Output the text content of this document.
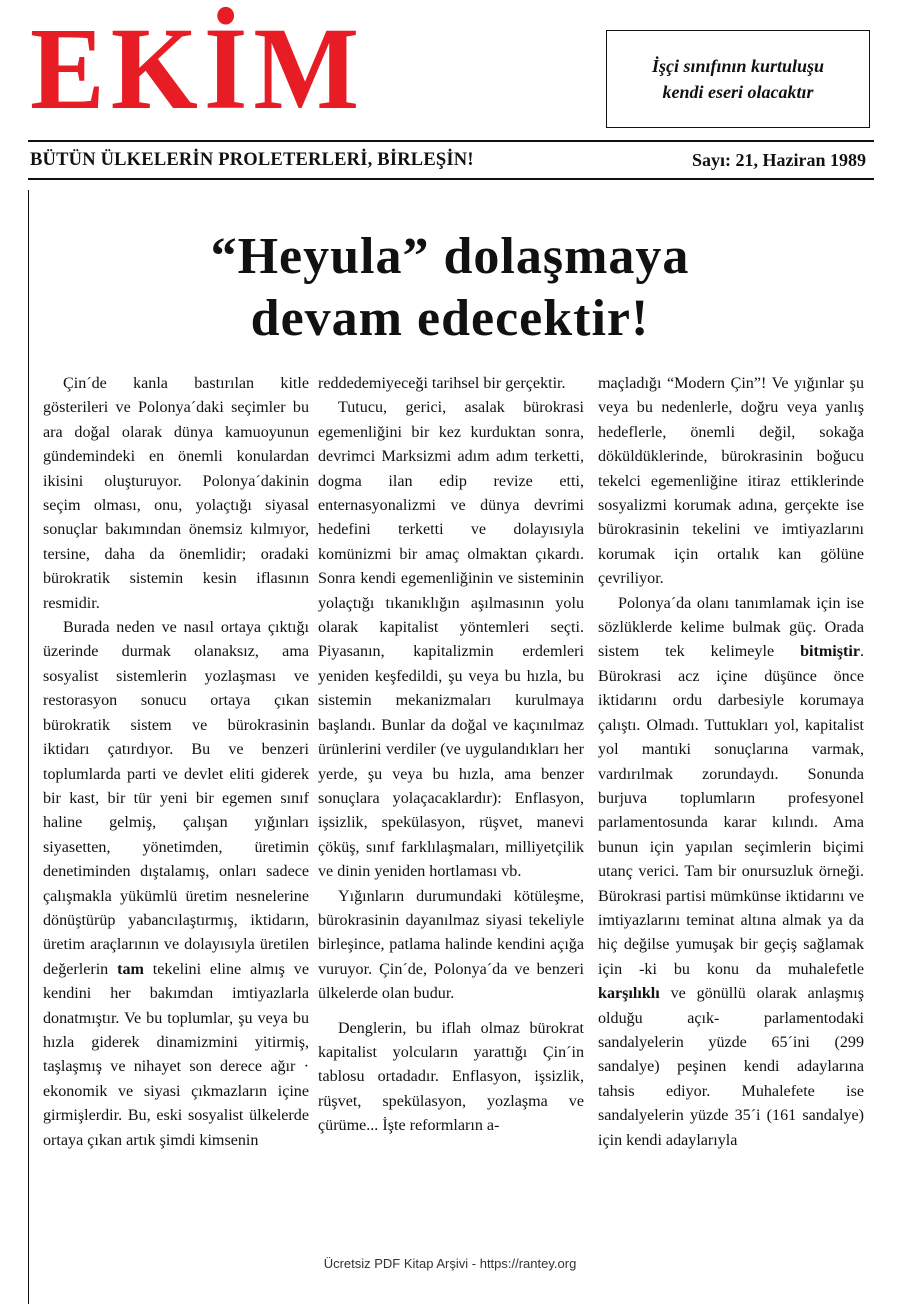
EKİM	İşçi sınıfının kurtuluşu
kendi eseri olacaktır
BÜTÜN ÜLKELERİN PROLETERLERİ, BİRLEŞİN!	Sayı: 21, Haziran 1989
“Heyula” dolaşmaya
devam edecektir!

Çin´de kanla bastırılan kitle gösterileri ve Polonya´daki seçimler bu ara doğal olarak dünya kamuoyunun gündemindeki en önemli konulardan ikisini oluşturuyor. Polonya´dakinin seçim olması, onu, yolaçtığı siyasal sonuçlar bakımından önemsiz kılmıyor, tersine, daha da önemlidir; oradaki bürokratik sistemin kesin iflasının resmidir.

Burada neden ve nasıl ortaya çıktığı üzerinde durmak olanaksız, ama sosyalist sistemlerin yozlaşması ve restorasyon sonucu ortaya çıkan bürokratik sistem ve bürokrasinin iktidarı çatırdıyor. Bu ve benzeri toplumlarda parti ve devlet eliti giderek bir kast, bir tür yeni bir egemen sınıf haline gelmiş, çalışan yığınları siyasetten, yönetimden, üretimin denetiminden dıştalamış, onları sadece çalışmakla yükümlü üretim nesnelerine dönüştürüp yabancılaştırmış, iktidarın, üretim araçlarının ve dolayısıyla üretilen değerlerin tam tekelini eline almış ve kendini her bakımdan imtiyazlarla donatmıştır. Ve bu toplumlar, şu veya bu hızla giderek dinamizmini yitirmiş, taşlaşmış ve nihayet son derece ağır · ekonomik ve siyasi çıkmazların içine girmişlerdir. Bu, eski sosyalist ülkelerde ortaya çıkan artık şimdi kimsenin

reddedemiyeceği tarihsel bir gerçektir.

Tutucu, gerici, asalak bürokrasi egemenliğini bir kez kurduktan sonra, devrimci Marksizmi adım adım terketti, dogma ilan edip revize etti, enternasyonalizmi ve dünya devrimi hedefini terketti ve dolayısıyla komünizmi bir amaç olmaktan çıkardı. Sonra kendi egemenliğinin ve sisteminin yolaçtığı tıkanıklığın aşılmasının yolu olarak kapitalist yöntemleri seçti. Piyasanın, kapitalizmin erdemleri yeniden keşfedildi, şu veya bu hızla, bu sistemin mekanizmaları kurulmaya başlandı. Bunlar da doğal ve kaçınılmaz ürünlerini verdiler (ve uygulandıkları her yerde, şu veya bu hızla, ama benzer sonuçlara yolaçacaklardır): Enflasyon, işsizlik, spekülasyon, rüşvet, manevi çöküş, sınıf farklılaşmaları, milliyetçilik ve dinin yeniden hortlaması vb.

Yığınların durumundaki kötüleşme, bürokrasinin dayanılmaz siyasi tekeliyle birleşince, patlama halinde kendini açığa vuruyor. Çin´de, Polonya´da ve benzeri ülkelerde olan budur.

Denglerin, bu iflah olmaz bürokrat kapitalist yolcuların yarattığı Çin´in tablosu ortadadır. Enflasyon, işsizlik, rüşvet, spekülasyon, yozlaşma ve çürüme... İşte reformların a-

maçladığı “Modern Çin”! Ve yığınlar şu veya bu nedenlerle, doğru veya yanlış hedeflerle, önemli değil, sokağa döküldüklerinde, bürokrasinin boğucu tekelci egemenliğine itiraz ettiklerinde sosyalizmi korumak adına, gerçekte ise bürokrasinin tekelini ve imtiyazlarını korumak için ortalık kan gölüne çevriliyor.

Polonya´da olanı tanımlamak için ise sözlüklerde kelime bulmak güç. Orada sistem tek kelimeyle bitmiştir. Bürokrasi acz içine düşünce önce iktidarını ordu darbesiyle korumaya çalıştı. Olmadı. Tuttukları yol, kapitalist yol mantıki sonuçlarına varmak, vardırılmak zorundaydı. Sonunda burjuva toplumların profesyonel parlamentosunda karar kılındı. Ama bunun için yapılan seçimlerin biçimi utanç verici. Tam bir onursuzluk örneği. Bürokrasi partisi mümkünse iktidarını ve imtiyazlarını teminat altına almak ya da hiç değilse yumuşak bir geçiş sağlamak için -ki bu konu da muhalefetle karşılıklı ve gönüllü olarak anlaşmış olduğu açık- parlamentodaki sandalyelerin yüzde 65´ini (299 sandalye) peşinen kendi adaylarına tahsis ediyor. Muhalefete ise sandalyelerin yüzde 35´i (161 sandalye) için kendi adaylarıyla

Ücretsiz PDF Kitap Arşivi - https://rantey.org
